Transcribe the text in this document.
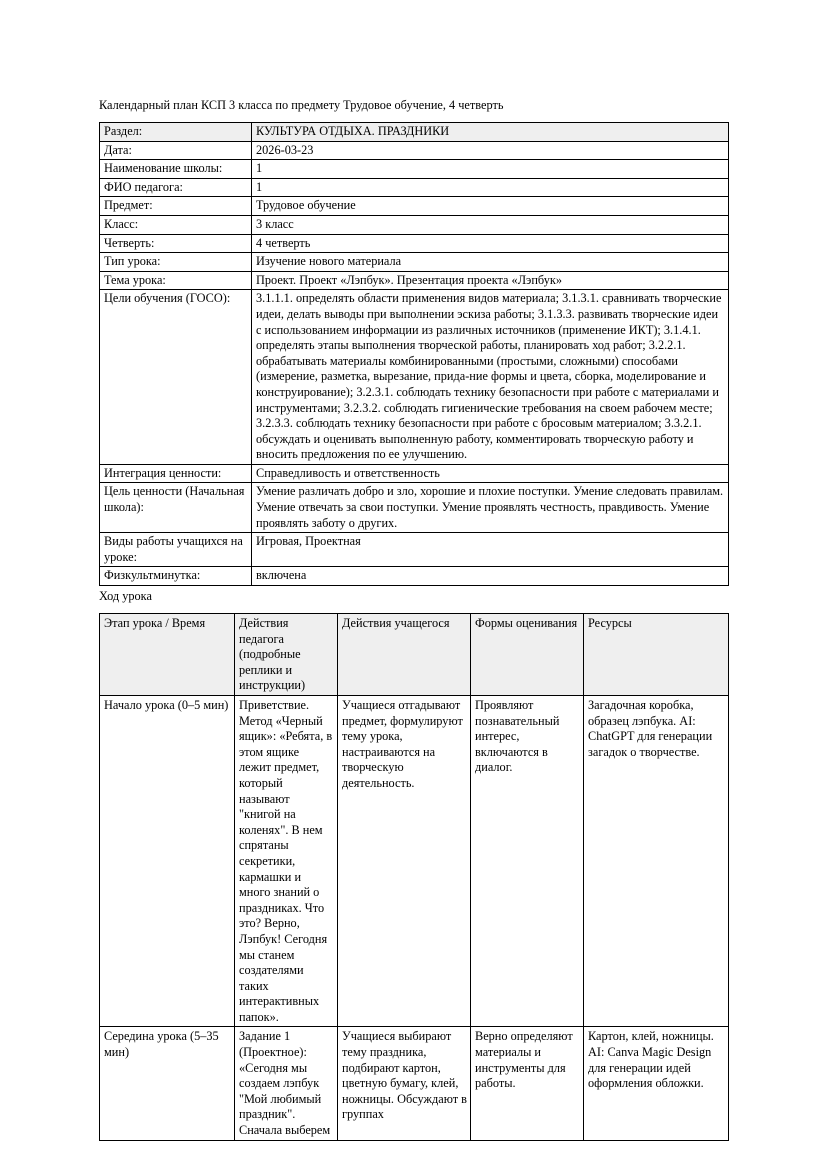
Календарный план КСП 3 класса по предмету Трудовое обучение, 4 четверть
Раздел:	КУЛЬТУРА ОТДЫХА. ПРАЗДНИКИ
Дата:	2026-03-23
Наименование школы:	1
ФИО педагога:	1
Предмет:	Трудовое обучение
Класс:	3 класс
Четверть:	4 четверть
Тип урока:	Изучение нового материала
Тема урока:	Проект. Проект «Лэпбук». Презентация проекта «Лэпбук»
Цели обучения (ГОСО):	3.1.1.1. определять области применения видов материала; 3.1.3.1. сравнивать творческие идеи, делать выводы при выполнении эскиза работы; 3.1.3.3. развивать творческие идеи с использованием информации из различных источников (применение ИКТ); 3.1.4.1. определять этапы выполнения творческой работы, планировать ход работ; 3.2.2.1. обрабатывать материалы комбинированными (простыми, сложными) способами (измерение, разметка, вырезание, прида-ние формы и цвета, сборка, моделирование и конструирование); 3.2.3.1. соблюдать технику безопасности при работе с материалами и инструментами; 3.2.3.2. соблюдать гигиенические требования на своем рабочем месте; 3.2.3.3. соблюдать технику безопасности при работе с бросовым материалом; 3.3.2.1. обсуждать и оценивать выполненную работу, комментировать творческую работу и вносить предложения по ее улучшению.
Интеграция ценности:	Справедливость и ответственность
Цель ценности (Начальная школа):	Умение различать добро и зло, хорошие и плохие поступки. Умение следовать правилам. Умение отвечать за свои поступки. Умение проявлять честность, правдивость. Умение проявлять заботу о других.
Виды работы учащихся на уроке:	Игровая, Проектная
Физкультминутка:	включена
Ход урока
Этап урока / Время	Действия педагога (подробные реплики и инструкции)	Действия учащегося	Формы оценивания	Ресурсы
Начало урока (0–5 мин)	Приветствие. Метод «Черный ящик»: «Ребята, в этом ящике лежит предмет, который называют "книгой на коленях". В нем спрятаны секретики, кармашки и много знаний о праздниках. Что это? Верно, Лэпбук! Сегодня мы станем создателями таких интерактивных папок».	Учащиеся отгадывают предмет, формулируют тему урока, настраиваются на творческую деятельность.	Проявляют познавательный интерес, включаются в диалог.	Загадочная коробка, образец лэпбука. AI: ChatGPT для генерации загадок о творчестве.
Середина урока (5–35 мин)	Задание 1 (Проектное): «Сегодня мы создаем лэпбук "Мой любимый праздник". Сначала выберем	Учащиеся выбирают тему праздника, подбирают картон, цветную бумагу, клей, ножницы. Обсуждают в группах	Верно определяют материалы и инструменты для работы.	Картон, клей, ножницы. AI: Canva Magic Design для генерации идей оформления обложки.
